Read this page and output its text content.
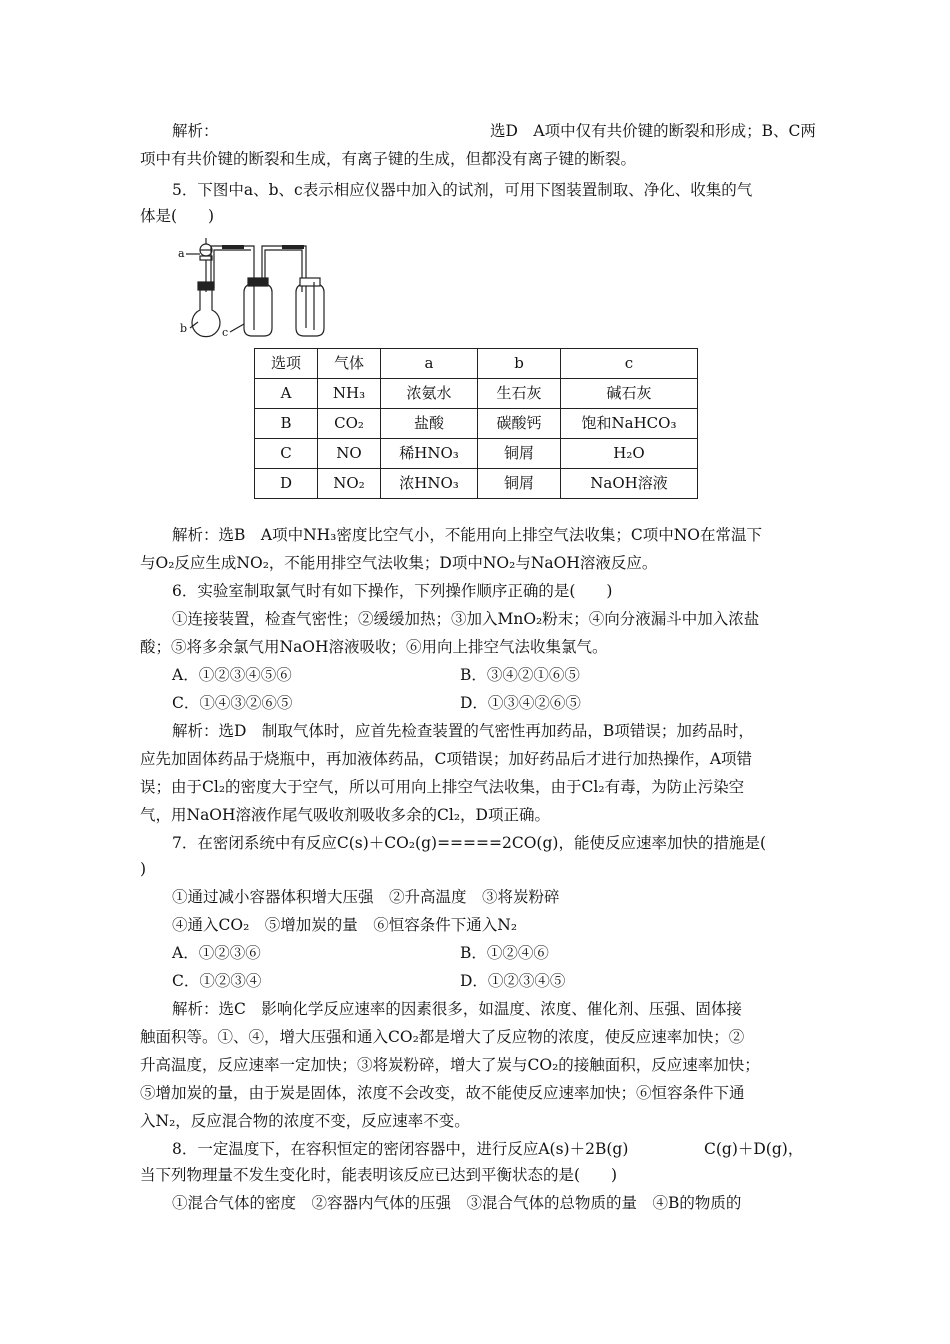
解析：	选D　A项中仅有共价键的断裂和形成；B、C两
项中有共价键的断裂和生成，有离子键的生成，但都没有离子键的断裂。
5．下图中a、b、c表示相应仪器中加入的试剂，可用下图装置制取、净化、收集的气
体是(　　)
a
b	c
选项	气体	a	b	c
A	NH₃	浓氨水	生石灰	碱石灰
B	CO₂	盐酸	碳酸钙	饱和NaHCO₃
C	NO	稀HNO₃	铜屑	H₂O
D	NO₂	浓HNO₃	铜屑	NaOH溶液
解析：选B　A项中NH₃密度比空气小，不能用向上排空气法收集；C项中NO在常温下
与O₂反应生成NO₂，不能用排空气法收集；D项中NO₂与NaOH溶液反应。
6．实验室制取氯气时有如下操作，下列操作顺序正确的是(　　)
①连接装置，检查气密性；②缓缓加热；③加入MnO₂粉末；④向分液漏斗中加入浓盐
酸；⑤将多余氯气用NaOH溶液吸收；⑥用向上排空气法收集氯气。
A．①②③④⑤⑥	B．③④②①⑥⑤
C．①④③②⑥⑤	D．①③④②⑥⑤
解析：选D　制取气体时，应首先检查装置的气密性再加药品，B项错误；加药品时，
应先加固体药品于烧瓶中，再加液体药品，C项错误；加好药品后才进行加热操作，A项错
误；由于Cl₂的密度大于空气，所以可用向上排空气法收集，由于Cl₂有毒，为防止污染空
气，用NaOH溶液作尾气吸收剂吸收多余的Cl₂，D项正确。
7．在密闭系统中有反应C(s)＋CO₂(g)=====2CO(g)，能使反应速率加快的措施是(
)
①通过减小容器体积增大压强　②升高温度　③将炭粉碎
④通入CO₂　⑤增加炭的量　⑥恒容条件下通入N₂
A．①②③⑥	B．①②④⑥
C．①②③④	D．①②③④⑤
解析：选C　影响化学反应速率的因素很多，如温度、浓度、催化剂、压强、固体接
触面积等。①、④，增大压强和通入CO₂都是增大了反应物的浓度，使反应速率加快；②
升高温度，反应速率一定加快；③将炭粉碎，增大了炭与CO₂的接触面积，反应速率加快；
⑤增加炭的量，由于炭是固体，浓度不会改变，故不能使反应速率加快；⑥恒容条件下通
入N₂，反应混合物的浓度不变，反应速率不变。
8．一定温度下，在容积恒定的密闭容器中，进行反应A(s)＋2B(g)	C(g)＋D(g)，
当下列物理量不发生变化时，能表明该反应已达到平衡状态的是(　　)
①混合气体的密度　②容器内气体的压强　③混合气体的总物质的量　④B的物质的
